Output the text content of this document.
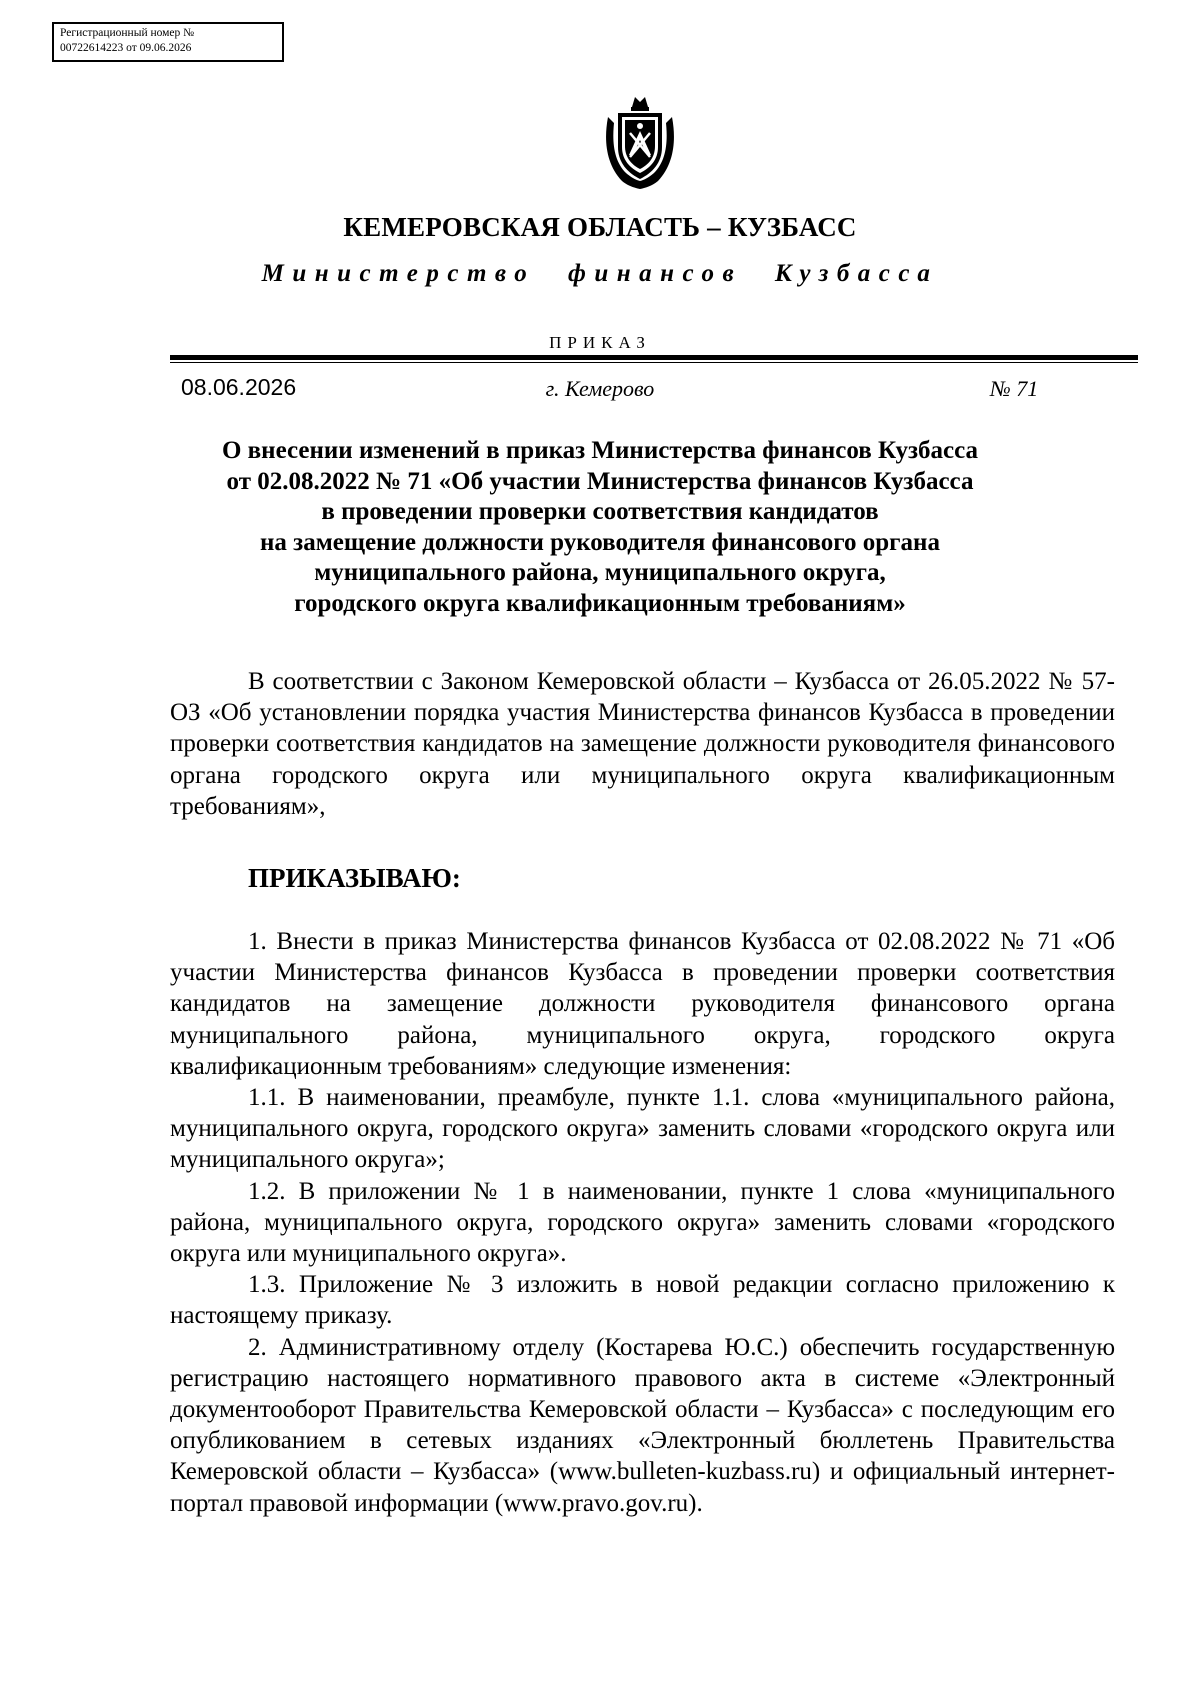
Регистрационный номер №
00722614223 от 09.06.2026
КЕМЕРОВСКАЯ ОБЛАСТЬ – КУЗБАСС
Министерство финансов Кузбасса
ПРИКАЗ
08.06.2026	г. Кемерово	№ 71
О внесении изменений в приказ Министерства финансов Кузбасса
от 02.08.2022 № 71 «Об участии Министерства финансов Кузбасса
в проведении проверки соответствия кандидатов
на замещение должности руководителя финансового органа
муниципального района, муниципального округа,
городского округа квалификационным требованиям»

В соответствии с Законом Кемеровской области – Кузбасса от 26.05.2022 № 57-ОЗ «Об установлении порядка участия Министерства финансов Кузбасса в проведении проверки соответствия кандидатов на замещение должности руководителя финансового органа городского округа или муниципального округа квалификационным требованиям»,

ПРИКАЗЫВАЮ:

1. Внести в приказ Министерства финансов Кузбасса от 02.08.2022 № 71 «Об участии Министерства финансов Кузбасса в проведении проверки соответствия кандидатов на замещение должности руководителя финансового органа муниципального района, муниципального округа, городского округа квалификационным требованиям» следующие изменения:

1.1. В наименовании, преамбуле, пункте 1.1. слова «муниципального района, муниципального округа, городского округа» заменить словами «городского округа или муниципального округа»;

1.2. В приложении № 1 в наименовании, пункте 1 слова «муниципального района, муниципального округа, городского округа» заменить словами «городского округа или муниципального округа».

1.3. Приложение № 3 изложить в новой редакции согласно приложению к настоящему приказу.

2. Административному отделу (Костарева Ю.С.) обеспечить государственную регистрацию настоящего нормативного правового акта в системе «Электронный документооборот Правительства Кемеровской области – Кузбасса» с последующим его опубликованием в сетевых изданиях «Электронный бюллетень Правительства Кемеровской области – Кузбасса» (www.bulleten-kuzbass.ru) и официальный интернет-портал правовой информации (www.pravo.gov.ru).
